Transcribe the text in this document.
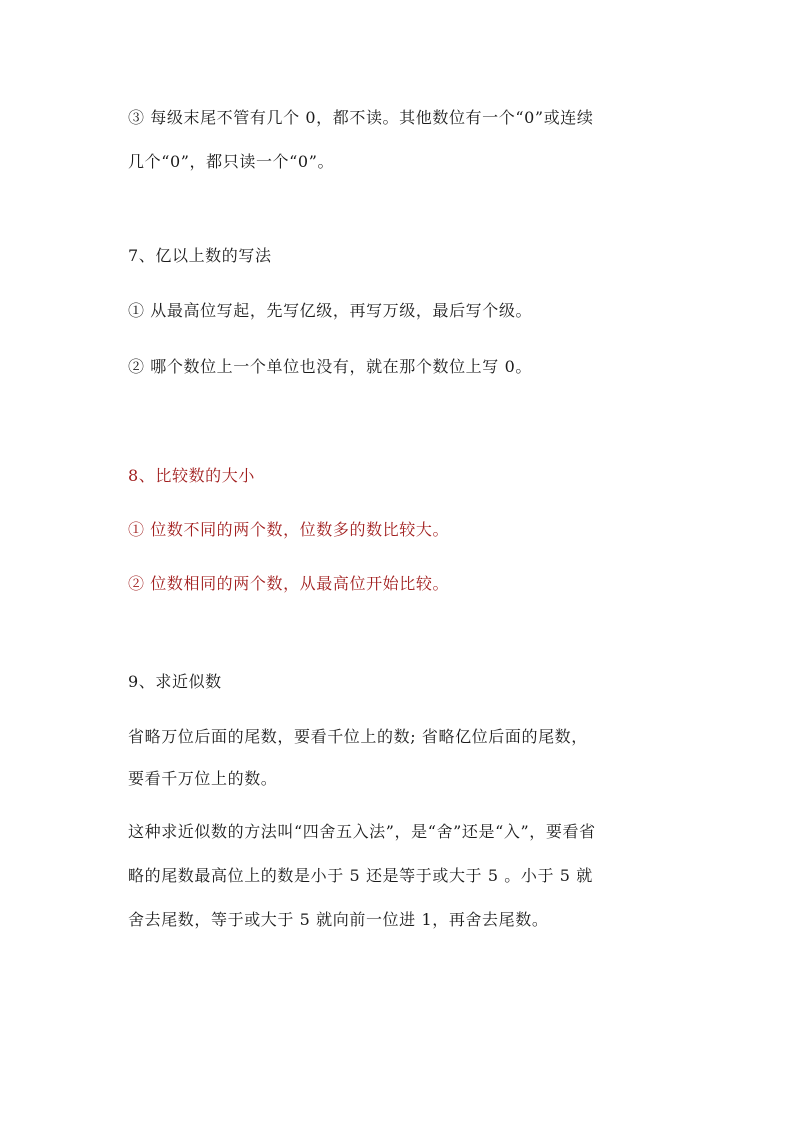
③ 每级末尾不管有几个 0，都不读。其他数位有一个“0”或连续
几个“0”，都只读一个“0”。
7、亿以上数的写法
① 从最高位写起，先写亿级，再写万级，最后写个级。
② 哪个数位上一个单位也没有，就在那个数位上写 0。
8、比较数的大小
① 位数不同的两个数，位数多的数比较大。
② 位数相同的两个数，从最高位开始比较。
9、求近似数
省略万位后面的尾数，要看千位上的数; 省略亿位后面的尾数，
要看千万位上的数。
这种求近似数的方法叫“四舍五入法”，是“舍”还是“入”，要看省
略的尾数最高位上的数是小于 5 还是等于或大于 5 。小于 5 就
舍去尾数，等于或大于 5 就向前一位进 1，再舍去尾数。
